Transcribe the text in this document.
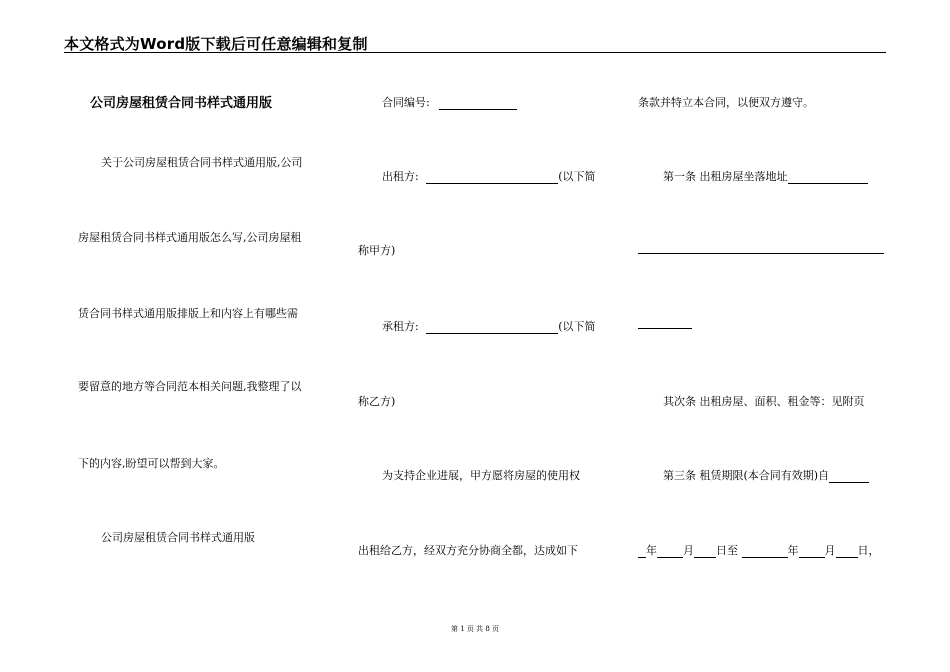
本文格式为Word版下载后可任意编辑和复制
公司房屋租赁合同书样式通用版
关于公司房屋租赁合同书样式通用版,公司
房屋租赁合同书样式通用版怎么写,公司房屋租
赁合同书样式通用版排版上和内容上有哪些需
要留意的地方等合同范本相关问题,我整理了以
下的内容,盼望可以帮到大家。
公司房屋租赁合同书样式通用版
合同编号:
出租方:	(以下简
称甲方)
承租方:	(以下简
称乙方)
为支持企业进展，甲方愿将房屋的使用权
出租给乙方，经双方充分协商全都，达成如下
条款并特立本合同，以便双方遵守。
第一条 出租房屋坐落地址
其次条 出租房屋、面积、租金等：见附页
第三条 租赁期限(本合同有效期)自
年 月 日至	年 月 日，
第 1 页 共 8 页
